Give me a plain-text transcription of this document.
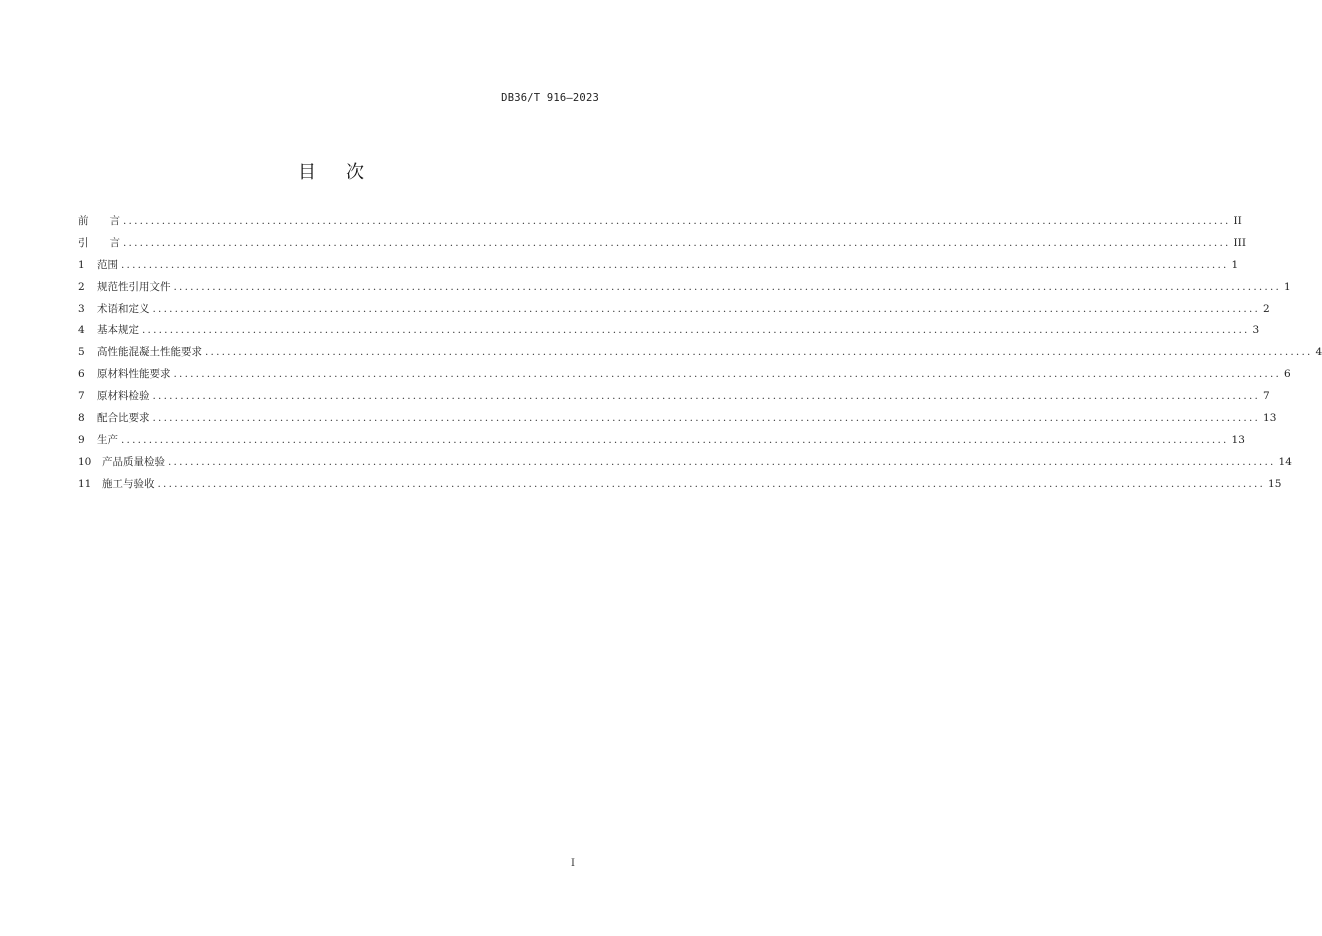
DB36/T 916—2023
目 次
前　　言 ........................................................................................................................................................................................................ II
引　　言 ........................................................................................................................................................................................................ III
1	范围 ........................................................................................................................................................................................................ 1
2	规范性引用文件 ........................................................................................................................................................................................................ 1
3	术语和定义 ........................................................................................................................................................................................................ 2
4	基本规定 ........................................................................................................................................................................................................ 3
5	高性能混凝土性能要求 ........................................................................................................................................................................................................ 4
6	原材料性能要求 ........................................................................................................................................................................................................ 6
7	原材料检验 ........................................................................................................................................................................................................ 7
8	配合比要求 ........................................................................................................................................................................................................ 13
9	生产 ........................................................................................................................................................................................................ 13
10	产品质量检验 ........................................................................................................................................................................................................ 14
11	施工与验收 ........................................................................................................................................................................................................ 15
I
